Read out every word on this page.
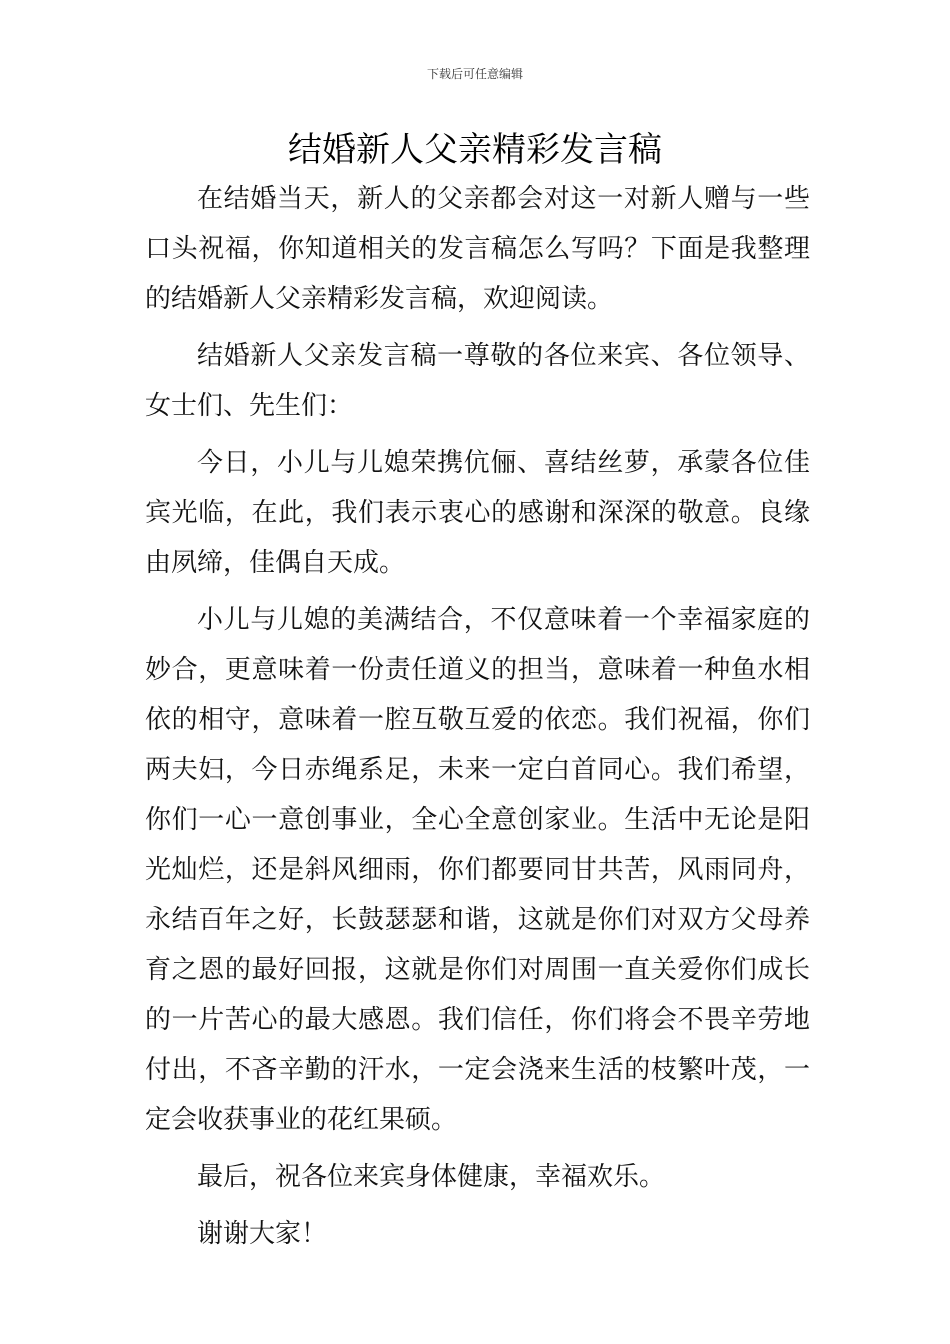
下载后可任意编辑
结婚新人父亲精彩发言稿

在结婚当天，新人的父亲都会对这一对新人赠与一些口头祝福，你知道相关的发言稿怎么写吗？下面是我整理的结婚新人父亲精彩发言稿，欢迎阅读。

结婚新人父亲发言稿一尊敬的各位来宾、各位领导、女士们、先生们：

今日，小儿与儿媳荣携伉俪、喜结丝萝，承蒙各位佳宾光临，在此，我们表示衷心的感谢和深深的敬意。良缘由夙缔，佳偶自天成。

小儿与儿媳的美满结合，不仅意味着一个幸福家庭的妙合，更意味着一份责任道义的担当，意味着一种鱼水相依的相守，意味着一腔互敬互爱的依恋。我们祝福，你们两夫妇，今日赤绳系足，未来一定白首同心。我们希望，你们一心一意创事业，全心全意创家业。生活中无论是阳光灿烂，还是斜风细雨，你们都要同甘共苦，风雨同舟，永结百年之好，长鼓瑟瑟和谐，这就是你们对双方父母养育之恩的最好回报，这就是你们对周围一直关爱你们成长的一片苦心的最大感恩。我们信任，你们将会不畏辛劳地付出，不吝辛勤的汗水，一定会浇来生活的枝繁叶茂，一定会收获事业的花红果硕。

最后，祝各位来宾身体健康，幸福欢乐。

谢谢大家！
